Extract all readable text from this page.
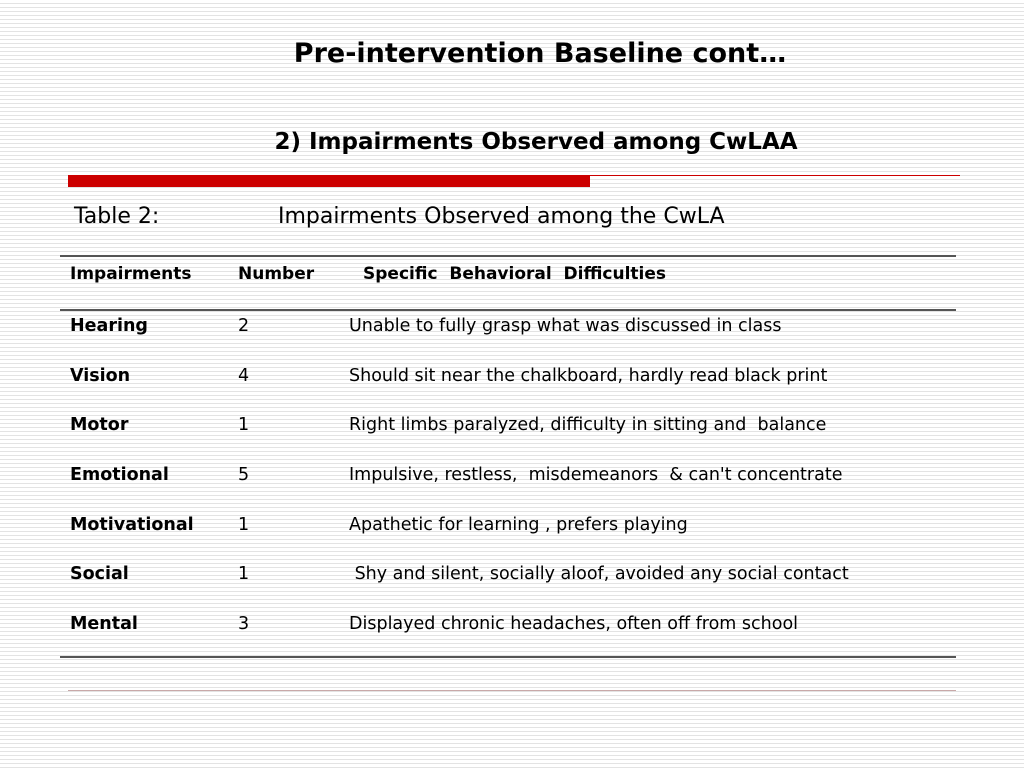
Pre-intervention Baseline cont…
2) Impairments Observed among CwLAA
Table 2:	Impairments Observed among the CwLA
Impairments	Number	Specific  Behavioral  Difficulties
Hearing	2	Unable to fully grasp what was discussed in class
Vision	4	Should sit near the chalkboard, hardly read black print
Motor	1	Right limbs paralyzed, difficulty in sitting and  balance
Emotional	5	Impulsive, restless,  misdemeanors  & can't concentrate
Motivational	1	Apathetic for learning , prefers playing
Social	1	Shy and silent, socially aloof, avoided any social contact
Mental	3	Displayed chronic headaches, often off from school
